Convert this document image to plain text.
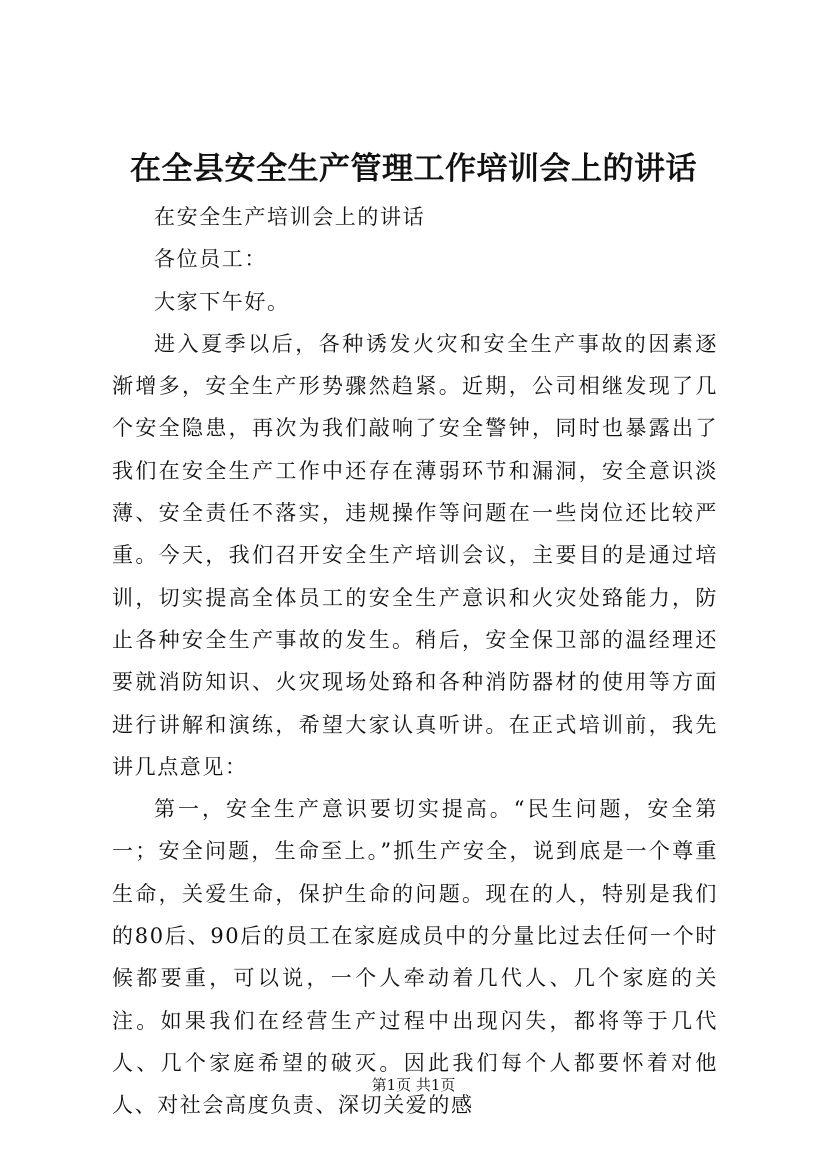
在全县安全生产管理工作培训会上的讲话

在安全生产培训会上的讲话

各位员工：

大家下午好。

进入夏季以后，各种诱发火灾和安全生产事故的因素逐渐增多，安全生产形势骤然趋紧。近期，公司相继发现了几个安全隐患，再次为我们敲响了安全警钟，同时也暴露出了我们在安全生产工作中还存在薄弱环节和漏洞，安全意识淡薄、安全责任不落实，违规操作等问题在一些岗位还比较严重。今天，我们召开安全生产培训会议，主要目的是通过培训，切实提高全体员工的安全生产意识和火灾处臵能力，防止各种安全生产事故的发生。稍后，安全保卫部的温经理还要就消防知识、火灾现场处臵和各种消防器材的使用等方面进行讲解和演练，希望大家认真听讲。在正式培训前，我先讲几点意见：

第一，安全生产意识要切实提高。“民生问题，安全第一；安全问题，生命至上。”抓生产安全，说到底是一个尊重生命，关爱生命，保护生命的问题。现在的人，特别是我们的80后、90后的员工在家庭成员中的分量比过去任何一个时候都要重，可以说，一个人牵动着几代人、几个家庭的关注。如果我们在经营生产过程中出现闪失，都将等于几代人、几个家庭希望的破灭。因此我们每个人都要怀着对他人、对社会高度负责、深切关爱的感

第1页 共1页
